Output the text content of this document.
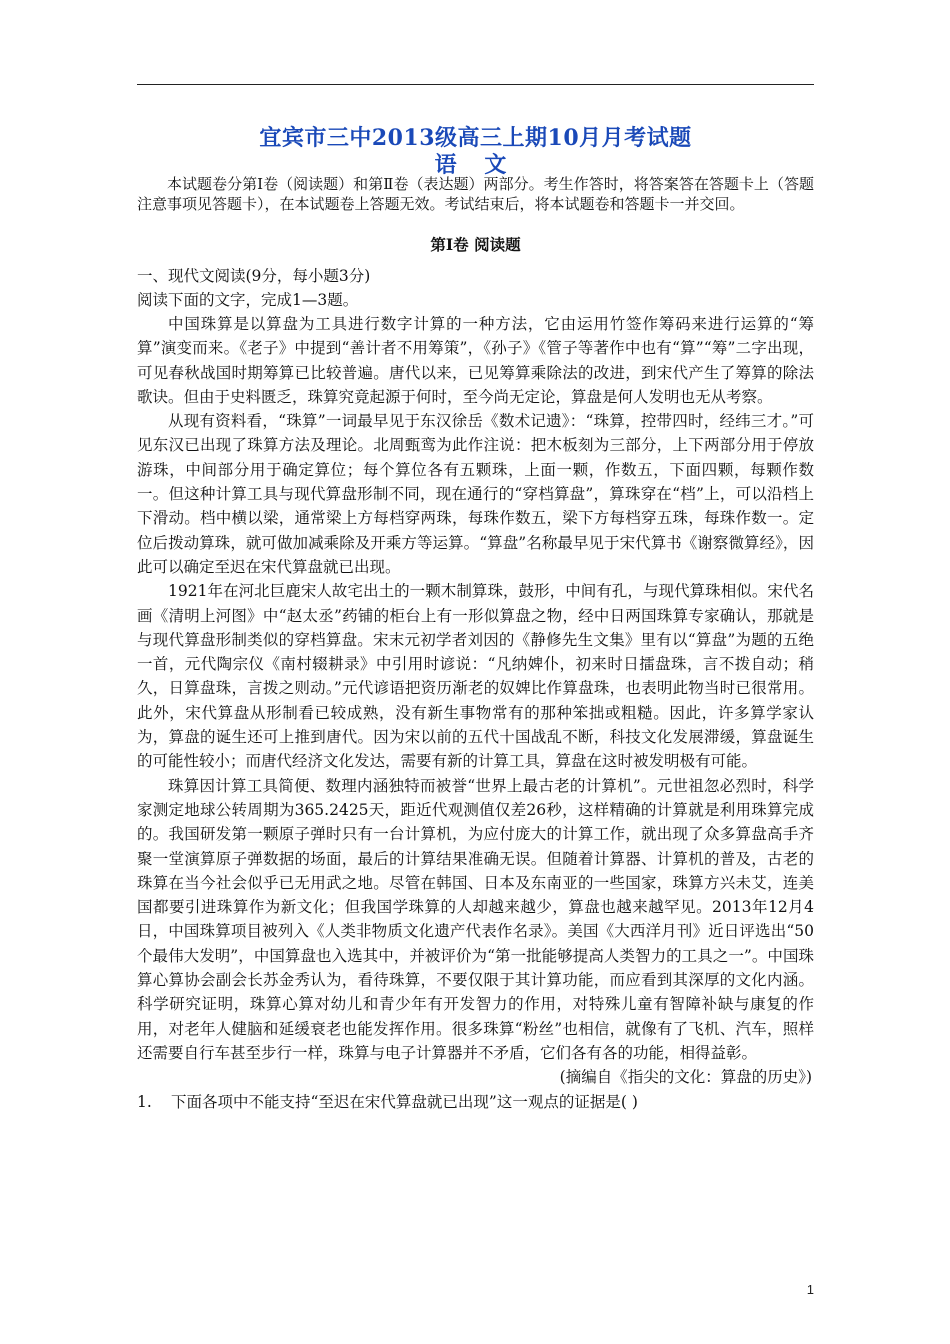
宜宾市三中2013级高三上期10月月考试题
语 文

本试题卷分第Ⅰ卷（阅读题）和第Ⅱ卷（表达题）两部分。考生作答时，将答案答在答题卡上（答题注意事项见答题卡），在本试题卷上答题无效。考试结束后，将本试题卷和答题卡一并交回。

第Ⅰ卷 阅读题

一、现代文阅读(9分，每小题3分)

阅读下面的文字，完成1—3题。

中国珠算是以算盘为工具进行数字计算的一种方法，它由运用竹签作筹码来进行运算的“筹算”演变而来。《老子》中提到“善计者不用筹策”，《孙子》《管子等著作中也有“算”“筹”二字出现，可见春秋战国时期筹算已比较普遍。唐代以来，已见筹算乘除法的改进，到宋代产生了筹算的除法歌诀。但由于史料匮乏，珠算究竟起源于何时，至今尚无定论，算盘是何人发明也无从考察。

从现有资料看，“珠算”一词最早见于东汉徐岳《数术记遗》：“珠算，控带四时，经纬三才。”可见东汉已出现了珠算方法及理论。北周甄鸾为此作注说：把木板刻为三部分，上下两部分用于停放游珠，中间部分用于确定算位；每个算位各有五颗珠，上面一颗，作数五，下面四颗，每颗作数一。但这种计算工具与现代算盘形制不同，现在通行的“穿档算盘”，算珠穿在“档”上，可以沿档上下滑动。档中横以梁，通常梁上方每档穿两珠，每珠作数五，梁下方每档穿五珠，每珠作数一。定位后拨动算珠，就可做加减乘除及开乘方等运算。“算盘”名称最早见于宋代算书《谢察微算经》，因此可以确定至迟在宋代算盘就已出现。

1921年在河北巨鹿宋人故宅出土的一颗木制算珠，鼓形，中间有孔，与现代算珠相似。宋代名画《清明上河图》中“赵太丞”药铺的柜台上有一形似算盘之物，经中日两国珠算专家确认，那就是与现代算盘形制类似的穿档算盘。宋末元初学者刘因的《静修先生文集》里有以“算盘”为题的五绝一首，元代陶宗仪《南村辍耕录》中引用时谚说：“凡纳婢仆，初来时日擂盘珠，言不拨自动；稍久，日算盘珠，言拨之则动。”元代谚语把资历渐老的奴婢比作算盘珠，也表明此物当时已很常用。此外，宋代算盘从形制看已较成熟，没有新生事物常有的那种笨拙或粗糙。因此，许多算学家认为，算盘的诞生还可上推到唐代。因为宋以前的五代十国战乱不断，科技文化发展滞缓，算盘诞生的可能性较小；而唐代经济文化发达，需要有新的计算工具，算盘在这时被发明极有可能。

珠算因计算工具简便、数理内涵独特而被誉“世界上最古老的计算机”。元世祖忽必烈时，科学家测定地球公转周期为365.2425天，距近代观测值仅差26秒，这样精确的计算就是利用珠算完成的。我国研发第一颗原子弹时只有一台计算机，为应付庞大的计算工作，就出现了众多算盘高手齐聚一堂演算原子弹数据的场面，最后的计算结果准确无误。但随着计算器、计算机的普及，古老的珠算在当今社会似乎已无用武之地。尽管在韩国、日本及东南亚的一些国家，珠算方兴未艾，连美国都要引进珠算作为新文化；但我国学珠算的人却越来越少，算盘也越来越罕见。2013年12月4日，中国珠算项目被列入《人类非物质文化遗产代表作名录》。美国《大西洋月刊》近日评选出“50个最伟大发明”，中国算盘也入选其中，并被评价为“第一批能够提高人类智力的工具之一”。中国珠算心算协会副会长苏金秀认为，看待珠算，不要仅限于其计算功能，而应看到其深厚的文化内涵。科学研究证明，珠算心算对幼儿和青少年有开发智力的作用，对特殊儿童有智障补缺与康复的作用，对老年人健脑和延缓衰老也能发挥作用。很多珠算“粉丝”也相信，就像有了飞机、汽车，照样还需要自行车甚至步行一样，珠算与电子计算器并不矛盾，它们各有各的功能，相得益彰。

(摘编自《指尖的文化：算盘的历史》)

1. 下面各项中不能支持“至迟在宋代算盘就已出现”这一观点的证据是( )

1
